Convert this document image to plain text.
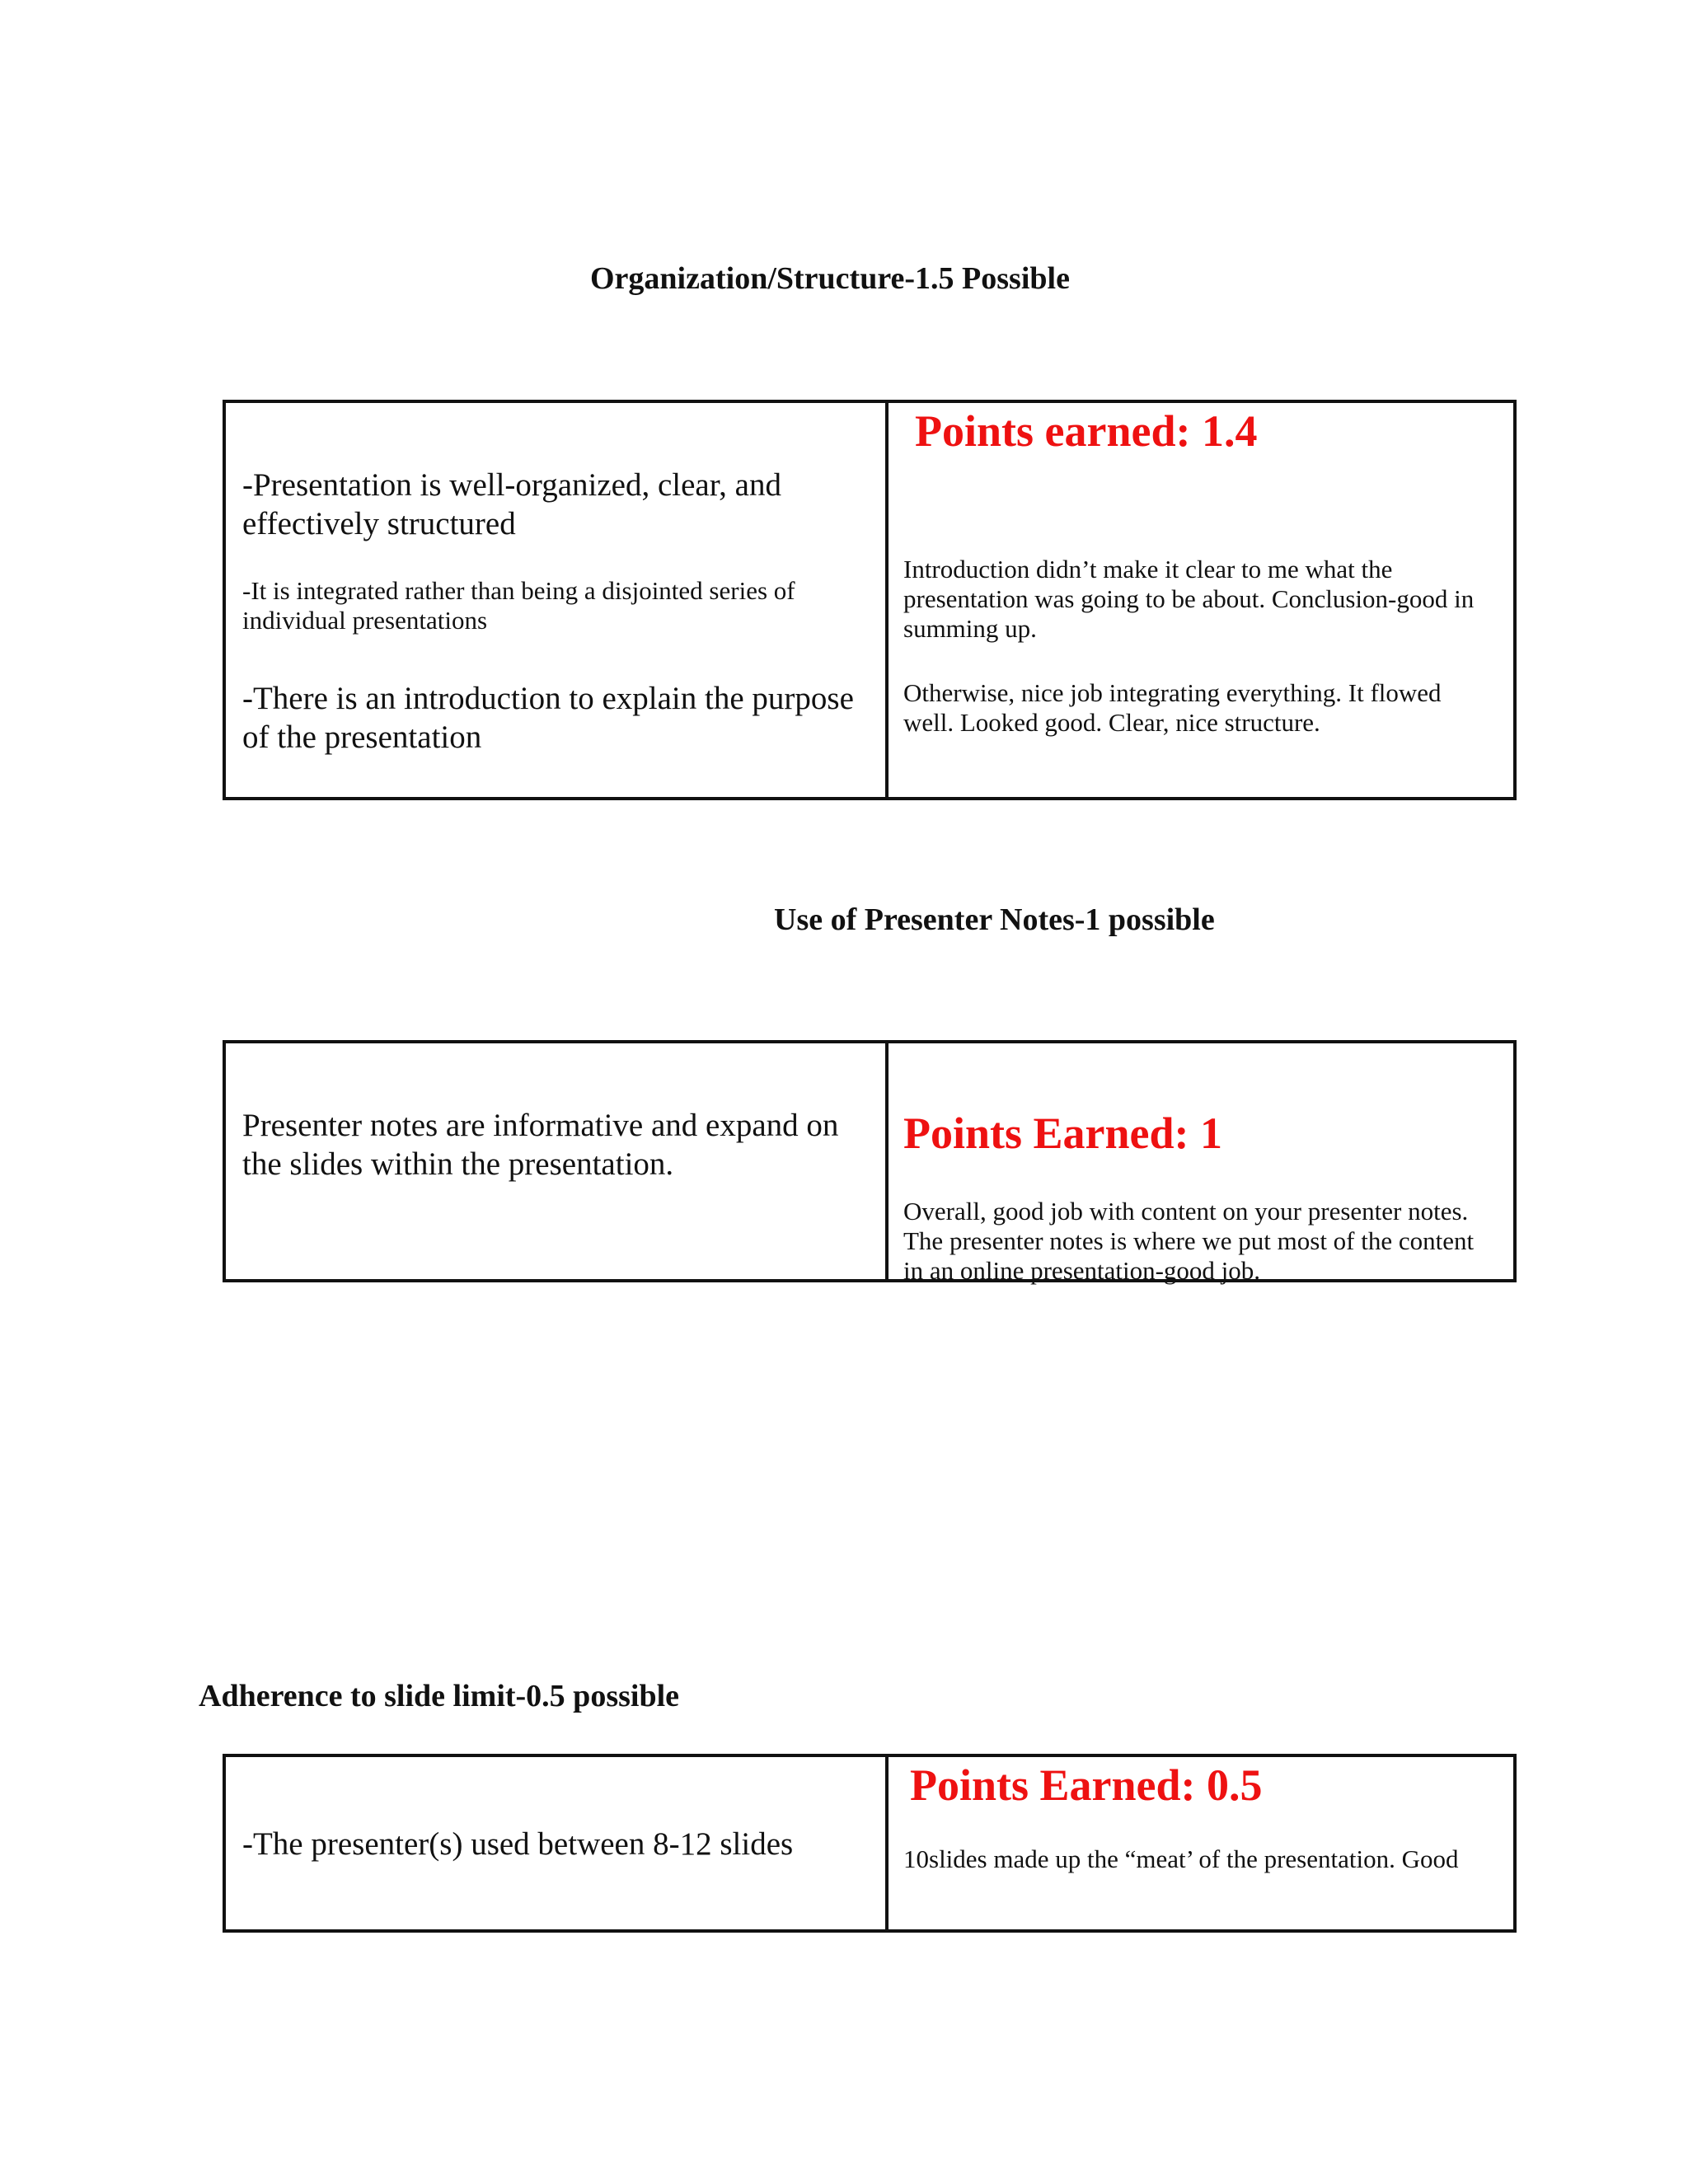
Organization/Structure-1.5 Possible
-Presentation is well-organized, clear, and effectively structured
-It is integrated rather than being a disjointed series of individual presentations
-There is an introduction to explain the purpose of the presentation

Points earned: 1.4
Introduction didn’t make it clear to me what the presentation was going to be about. Conclusion-good in summing up.
Otherwise, nice job integrating everything. It flowed well. Looked good. Clear, nice structure.
Use of Presenter Notes-1 possible
Presenter notes are informative and expand on the slides within the presentation.

Points Earned: 1
Overall, good job with content on your presenter notes. The presenter notes is where we put most of the content in an online presentation-good job.
Adherence to slide limit-0.5 possible
-The presenter(s) used between 8-12 slides

Points Earned: 0.5
10slides made up the “meat’ of the presentation. Good
